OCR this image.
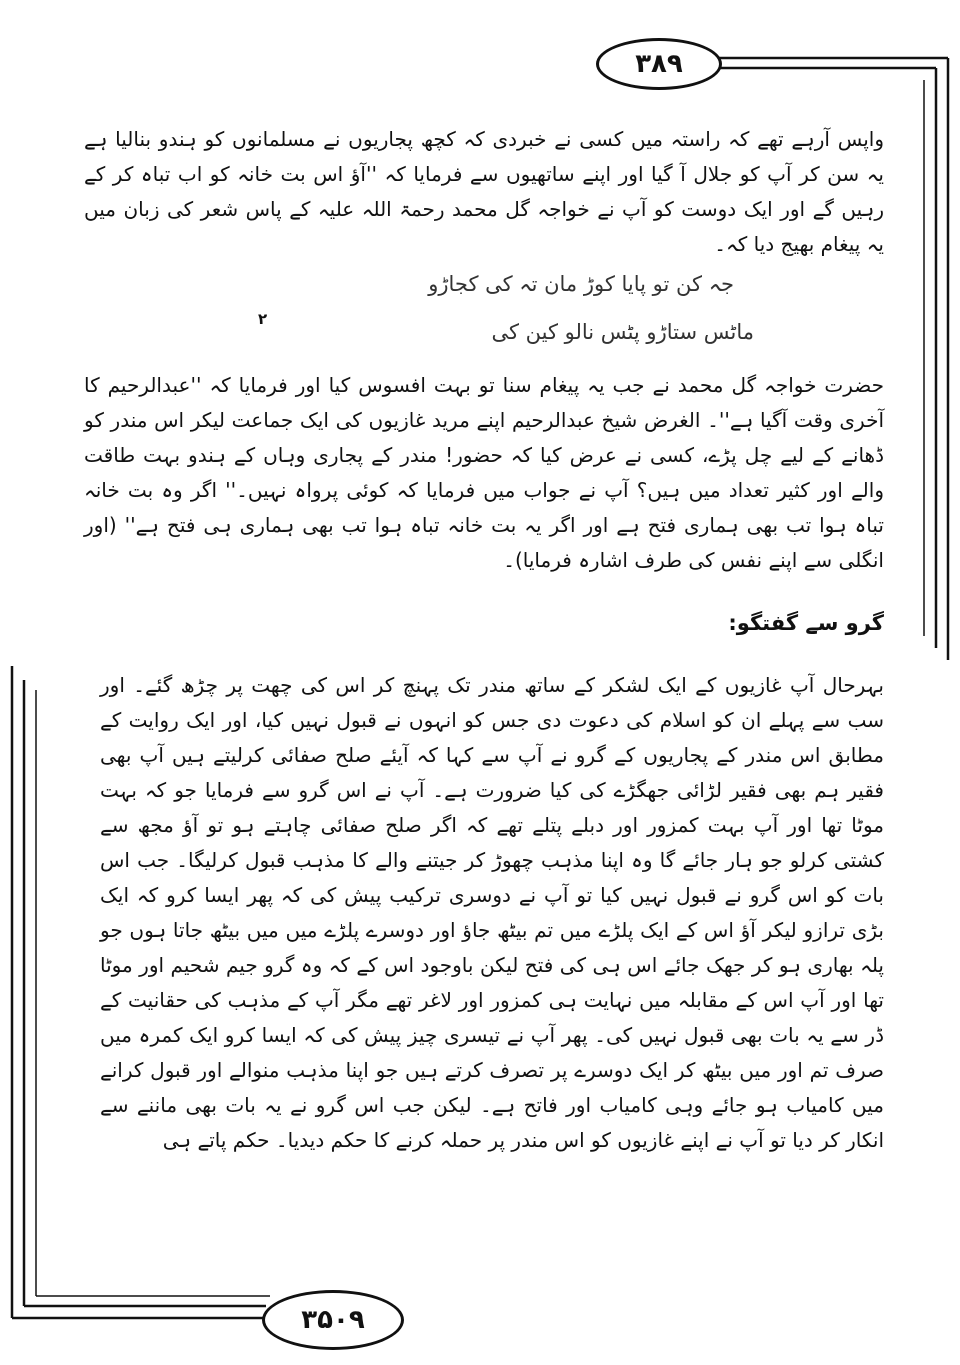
۳۸۹

واپس آرہے تھے کہ راستہ میں کسی نے خبردی کہ کچھ پجاریوں نے مسلمانوں کو ہندو بنالیا ہے یہ سن کر آپ کو جلال آ گیا اور اپنے ساتھیوں سے فرمایا کہ ''آؤ اس بت خانہ کو اب تباہ کر کے رہیں گے اور ایک دوست کو آپ نے خواجہ گل محمد رحمۃ اللہ علیہ کے پاس شعر کی زبان میں یہ پیغام بھیج دیا کہ۔

جہ کن تو پایا کوڑ مان تہ کی کجاڑو
ماٹس ستاڑو پٹس نالو کین کی
۲

حضرت خواجہ گل محمد نے جب یہ پیغام سنا تو بہت افسوس کیا اور فرمایا کہ ''عبدالرحیم کا آخری وقت آگیا ہے''۔ الغرض شیخ عبدالرحیم اپنے مرید غازیوں کی ایک جماعت لیکر اس مندر کو ڈھانے کے لیے چل پڑے، کسی نے عرض کیا کہ حضور! مندر کے پجاری وہاں کے ہندو بہت طاقت والے اور کثیر تعداد میں ہیں؟ آپ نے جواب میں فرمایا کہ کوئی پرواہ نہیں۔'' اگر وہ بت خانہ تباہ ہوا تب بھی ہماری فتح ہے اور اگر یہ بت خانہ تباہ ہوا تب بھی ہماری ہی فتح ہے'' (اور انگلی سے اپنے نفس کی طرف اشارہ فرمایا)۔

گرو سے گفتگو:

بہرحال آپ غازیوں کے ایک لشکر کے ساتھ مندر تک پہنچ کر اس کی چھت پر چڑھ گئے۔ اور سب سے پہلے ان کو اسلام کی دعوت دی جس کو انہوں نے قبول نہیں کیا، اور ایک روایت کے مطابق اس مندر کے پجاریوں کے گرو نے آپ سے کہا کہ آیئے صلح صفائی کرلیتے ہیں آپ بھی فقیر ہم بھی فقیر لڑائی جھگڑے کی کیا ضرورت ہے۔ آپ نے اس گرو سے فرمایا جو کہ بہت موٹا تھا اور آپ بہت کمزور اور دبلے پتلے تھے کہ اگر صلح صفائی چاہتے ہو تو آؤ مجھ سے کشتی کرلو جو ہار جائے گا وہ اپنا مذہب چھوڑ کر جیتنے والے کا مذہب قبول کرلیگا۔ جب اس بات کو اس گرو نے قبول نہیں کیا تو آپ نے دوسری ترکیب پیش کی کہ پھر ایسا کرو کہ ایک بڑی ترازو لیکر آؤ اس کے ایک پلڑے میں تم بیٹھ جاؤ اور دوسرے پلڑے میں میں بیٹھ جاتا ہوں جو پلہ بھاری ہو کر جھک جائے اس ہی کی فتح لیکن باوجود اس کے کہ وہ گرو جیم شحیم اور موٹا تھا اور آپ اس کے مقابلہ میں نہایت ہی کمزور اور لاغر تھے مگر آپ کے مذہب کی حقانیت کے ڈر سے یہ بات بھی قبول نہیں کی۔ پھر آپ نے تیسری چیز پیش کی کہ ایسا کرو ایک کمرہ میں صرف تم اور میں بیٹھ کر ایک دوسرے پر تصرف کرتے ہیں جو اپنا مذہب منوالے اور قبول کرانے میں کامیاب ہو جائے وہی کامیاب اور فاتح ہے۔ لیکن جب اس گرو نے یہ بات بھی ماننے سے انکار کر دیا تو آپ نے اپنے غازیوں کو اس مندر پر حملہ کرنے کا حکم دیدیا۔ حکم پاتے ہی

۳۵۰۹
